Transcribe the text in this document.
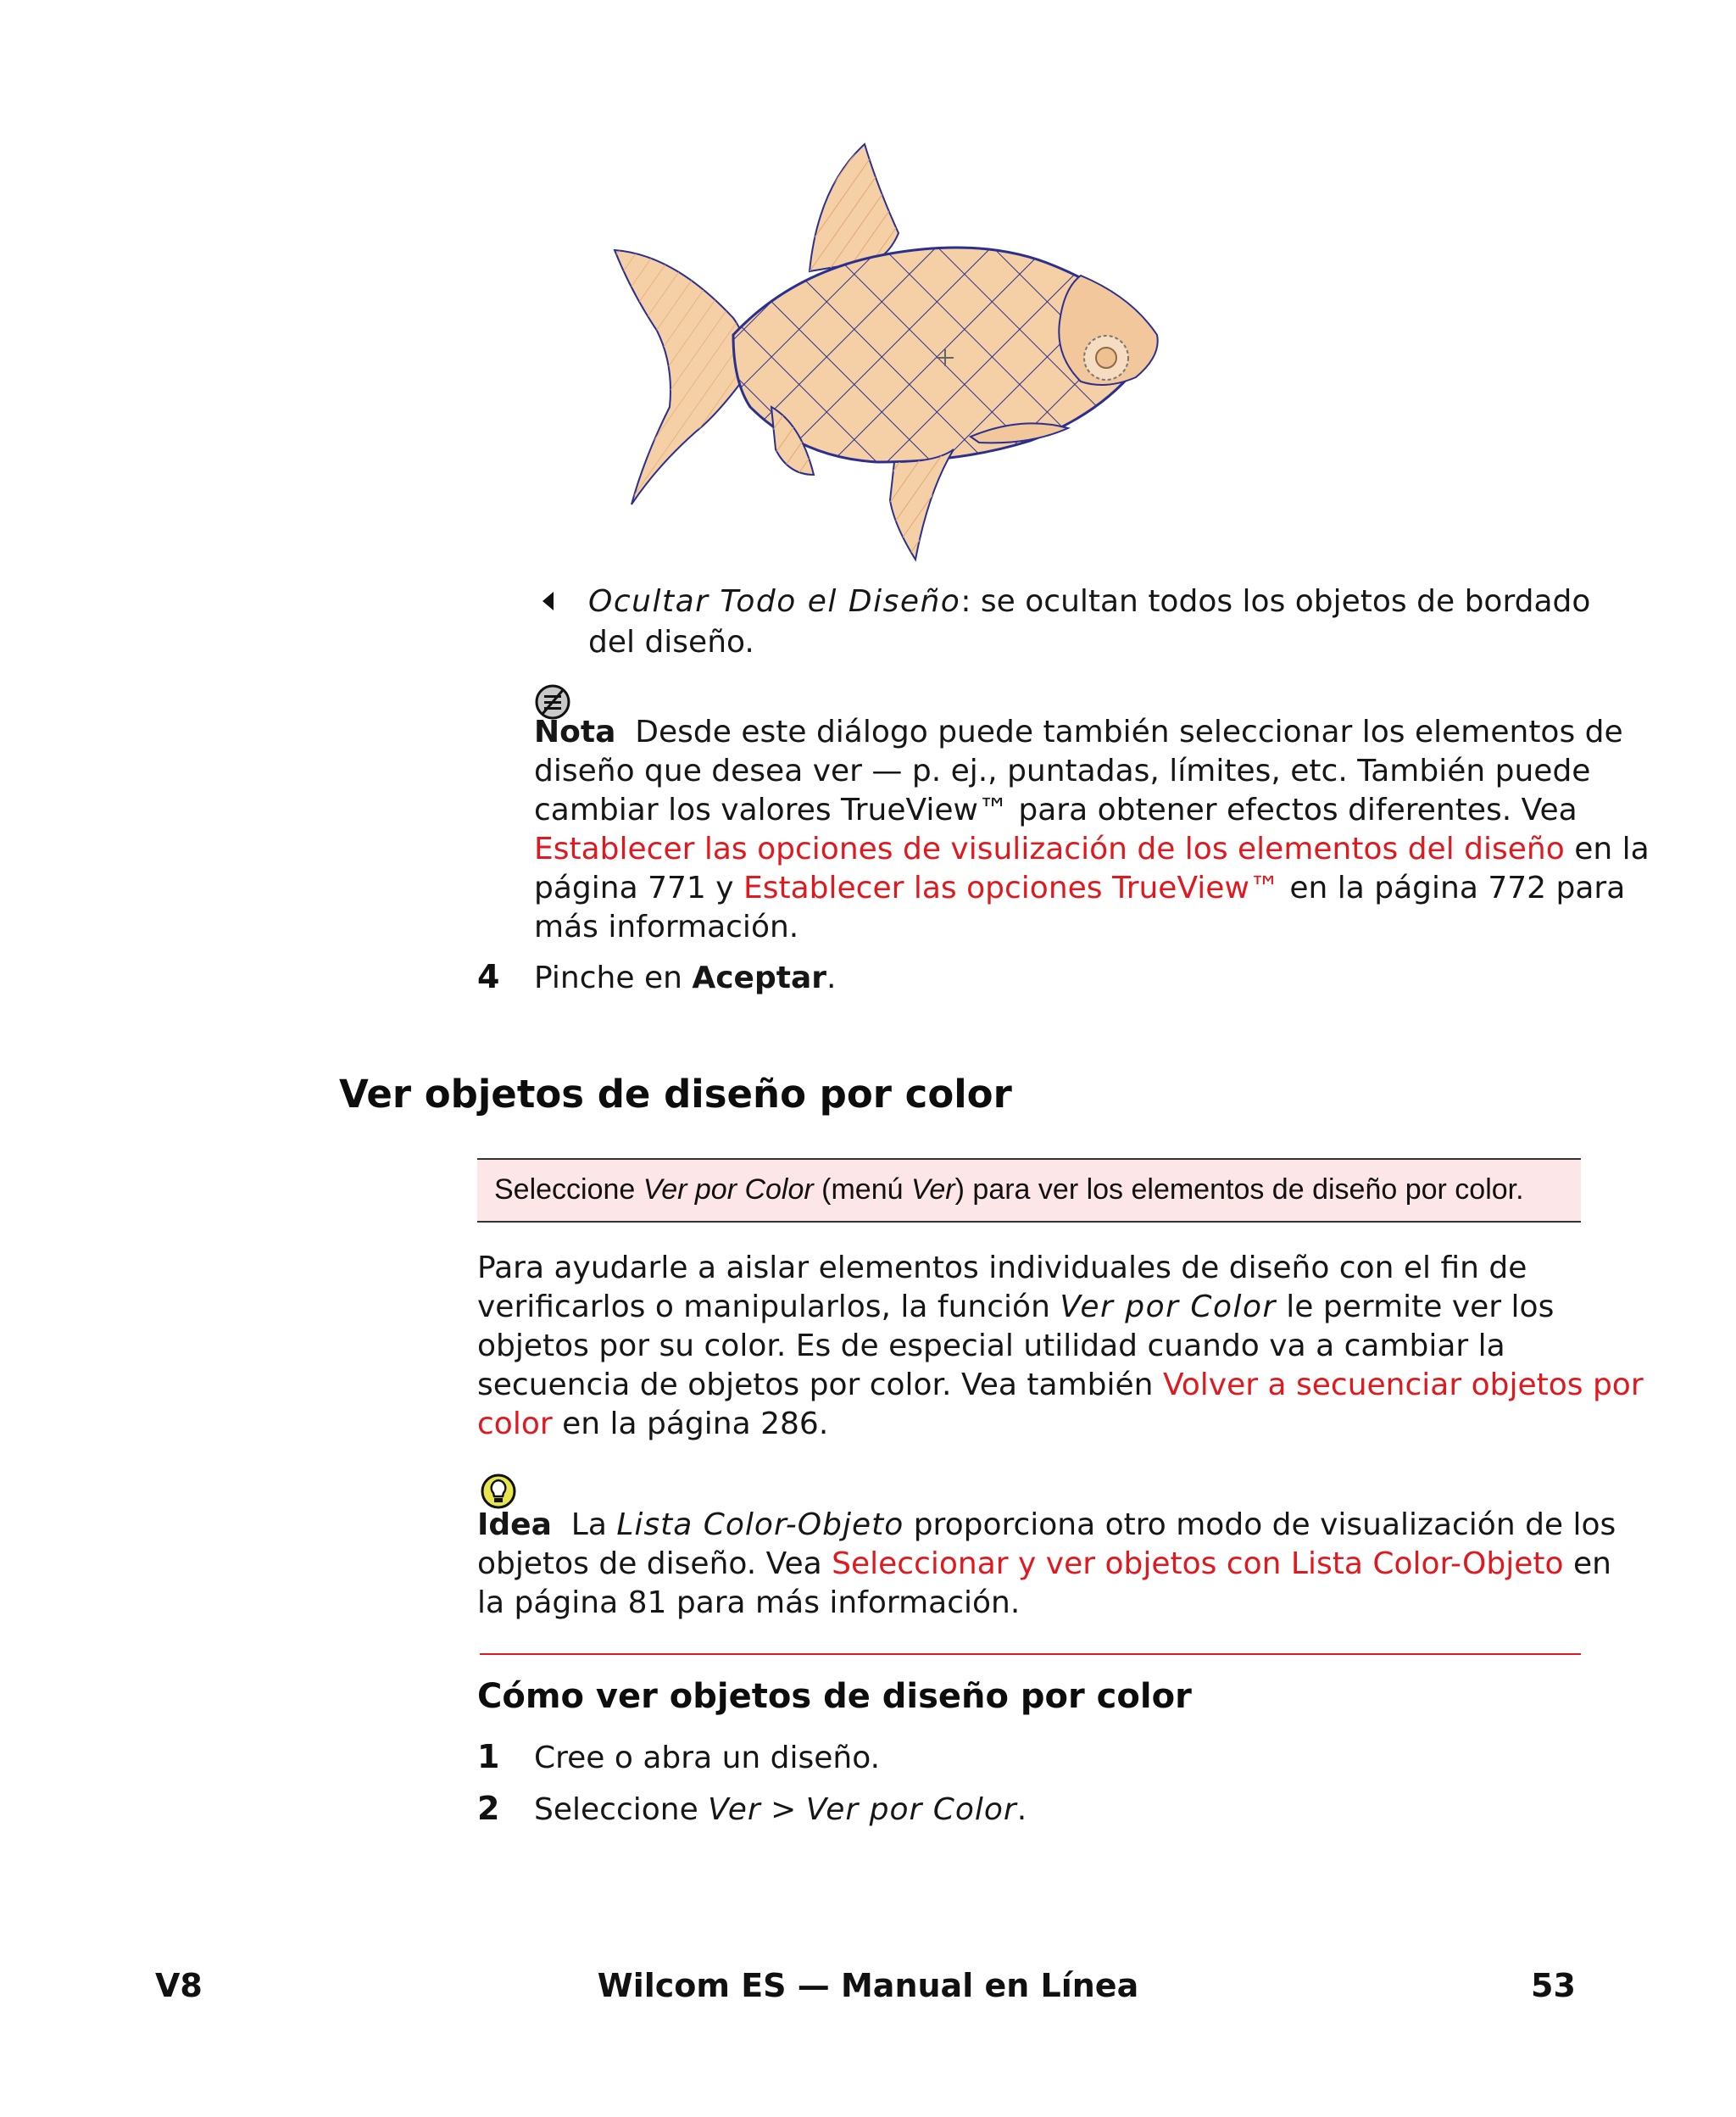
Ocultar Todo el Diseño: se ocultan todos los objetos de bordado
del diseño.
Nota Desde este diálogo puede también seleccionar los elementos de
diseño que desea ver — p. ej., puntadas, límites, etc. También puede
cambiar los valores TrueView™ para obtener efectos diferentes. Vea
Establecer las opciones de visulización de los elementos del diseño en la
página 771 y Establecer las opciones TrueView™ en la página 772 para
más información.
4 Pinche en Aceptar.
Ver objetos de diseño por color
Seleccione Ver por Color (menú Ver) para ver los elementos de diseño por color.
Para ayudarle a aislar elementos individuales de diseño con el fin de
verificarlos o manipularlos, la función Ver por Color le permite ver los
objetos por su color. Es de especial utilidad cuando va a cambiar la
secuencia de objetos por color. Vea también Volver a secuenciar objetos por
color en la página 286.
Idea La Lista Color-Objeto proporciona otro modo de visualización de los
objetos de diseño. Vea Seleccionar y ver objetos con Lista Color-Objeto en
la página 81 para más información.
Cómo ver objetos de diseño por color
1 Cree o abra un diseño.
2 Seleccione Ver > Ver por Color.
V8	Wilcom ES — Manual en Línea	53
